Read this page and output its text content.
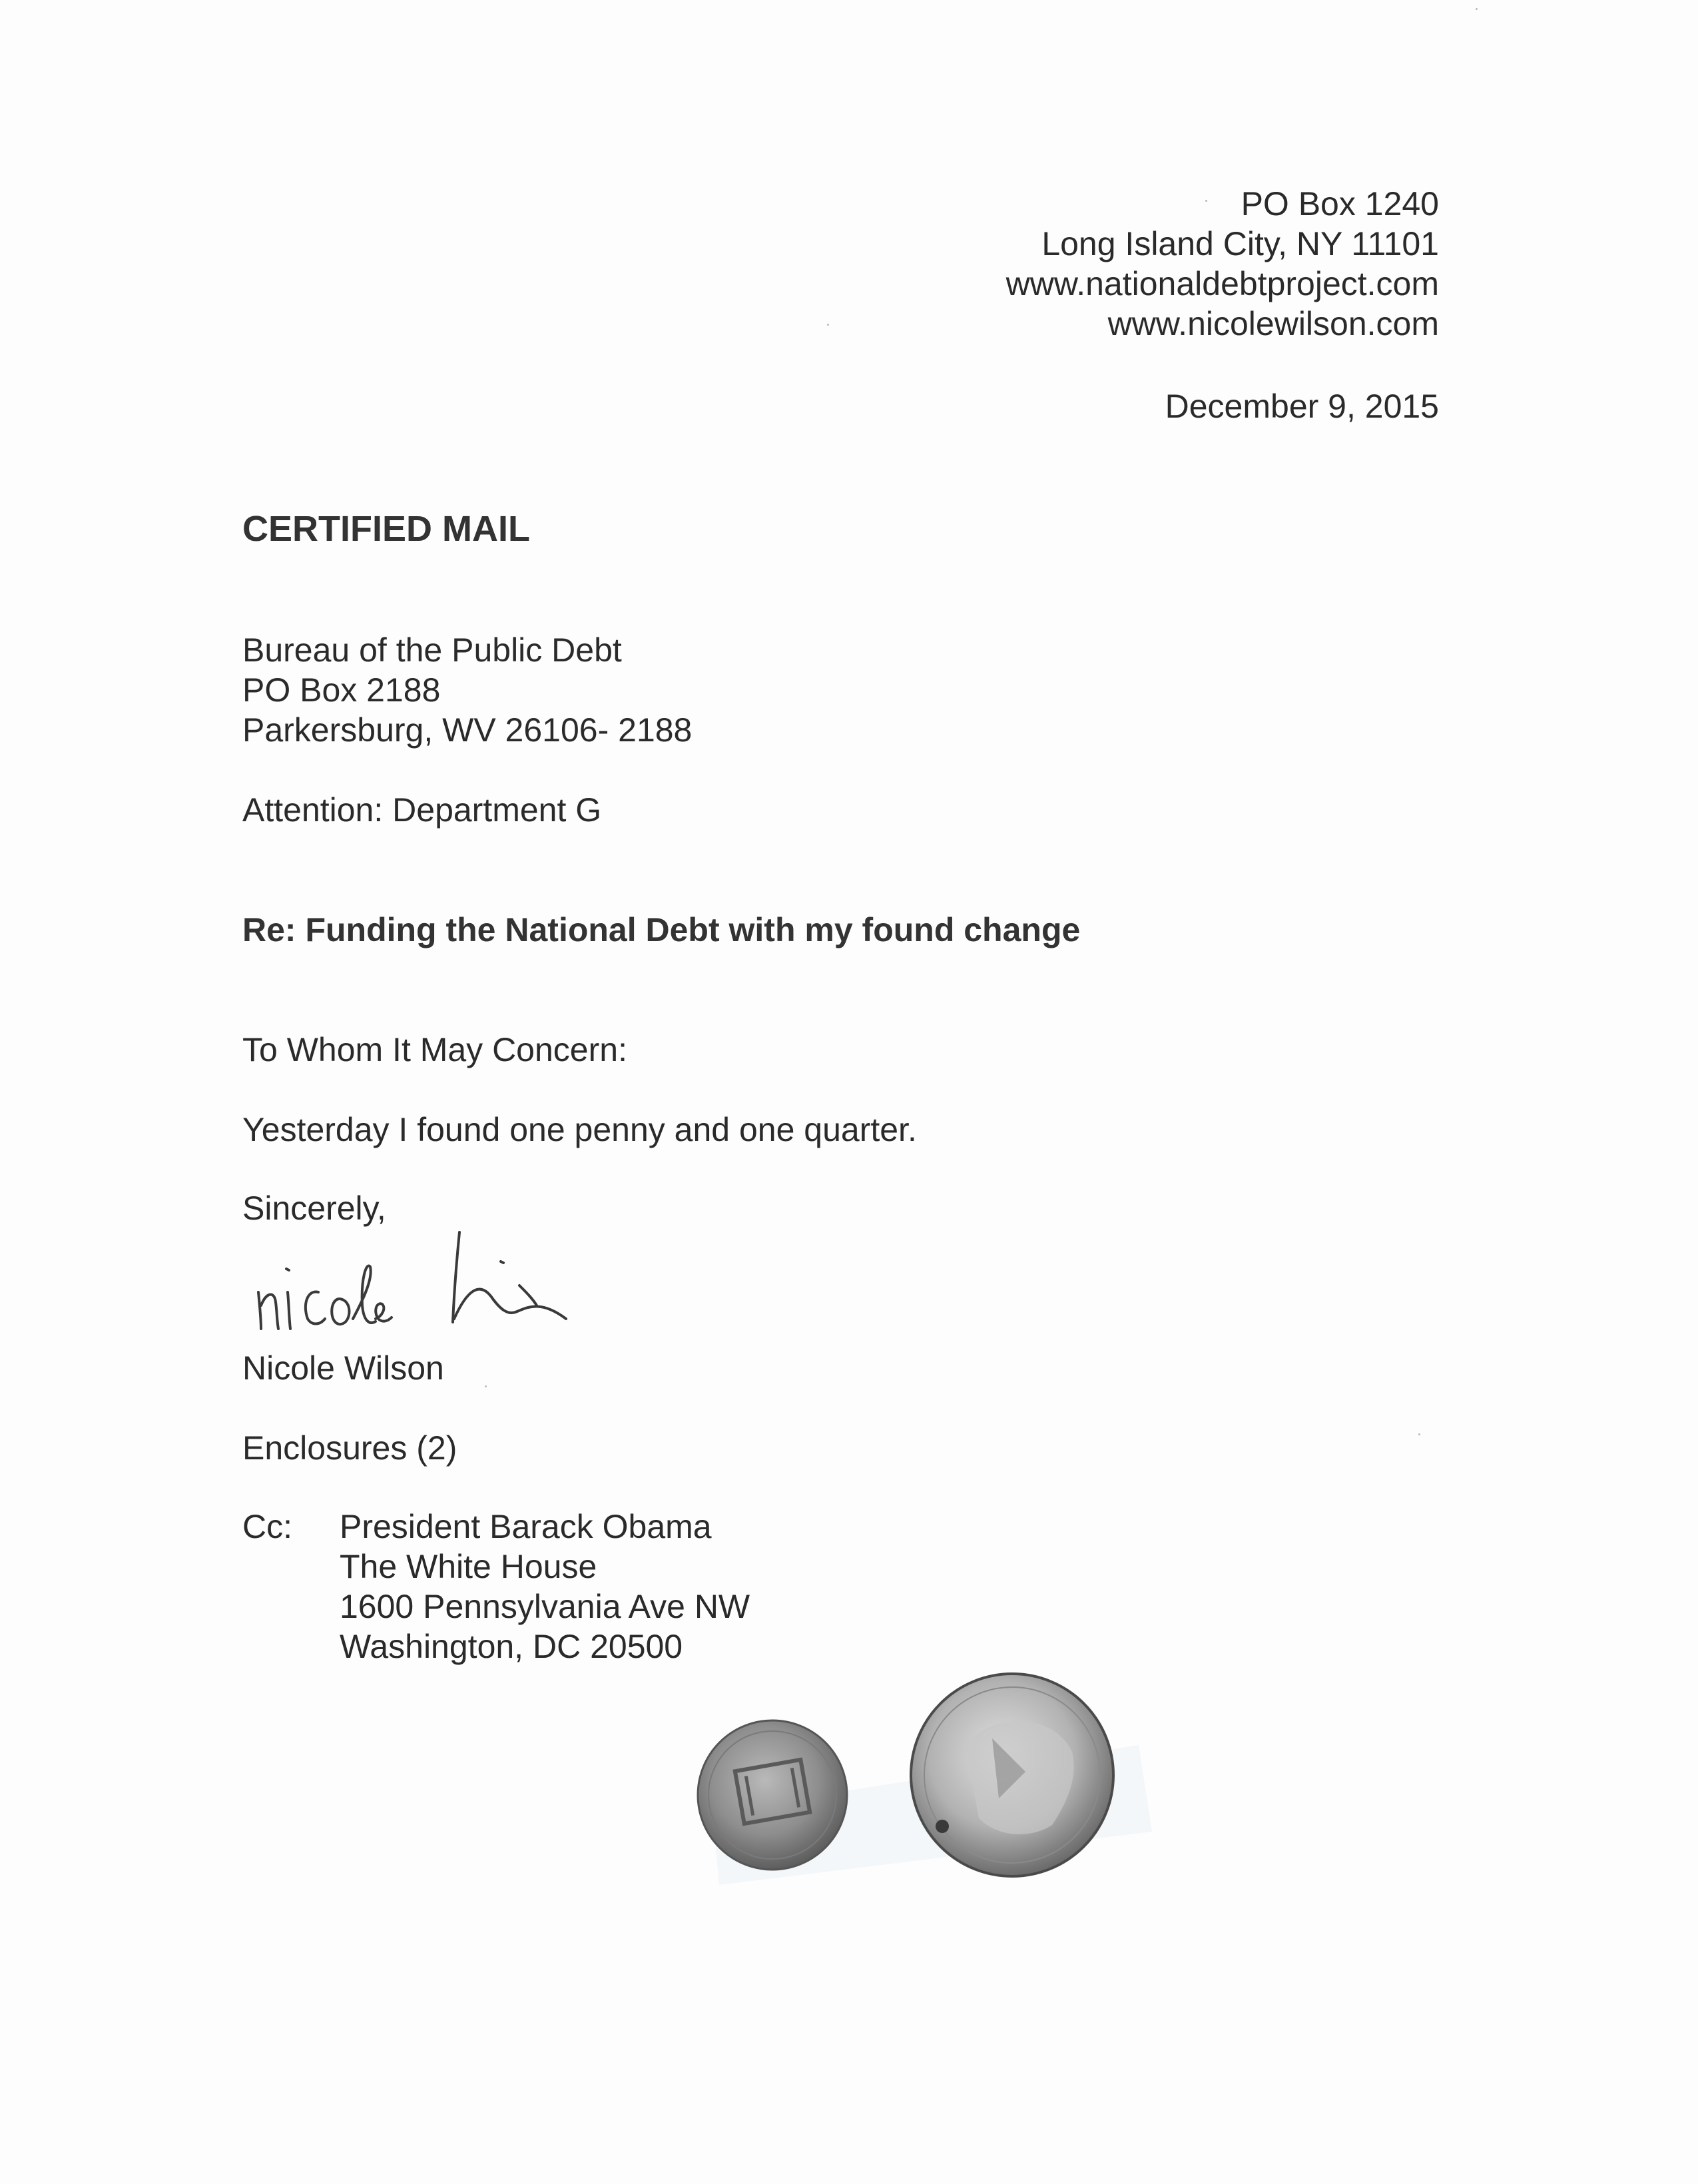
PO Box 1240
Long Island City, NY 11101
www.nationaldebtproject.com
www.nicolewilson.com
December 9, 2015
CERTIFIED MAIL
Bureau of the Public Debt
PO Box 2188
Parkersburg, WV 26106- 2188
Attention: Department G
Re: Funding the National Debt with my found change
To Whom It May Concern:
Yesterday I found one penny and one quarter.
Sincerely,
Nicole Wilson
Enclosures (2)
Cc: President Barack Obama
The White House
1600 Pennsylvania Ave NW
Washington, DC 20500
